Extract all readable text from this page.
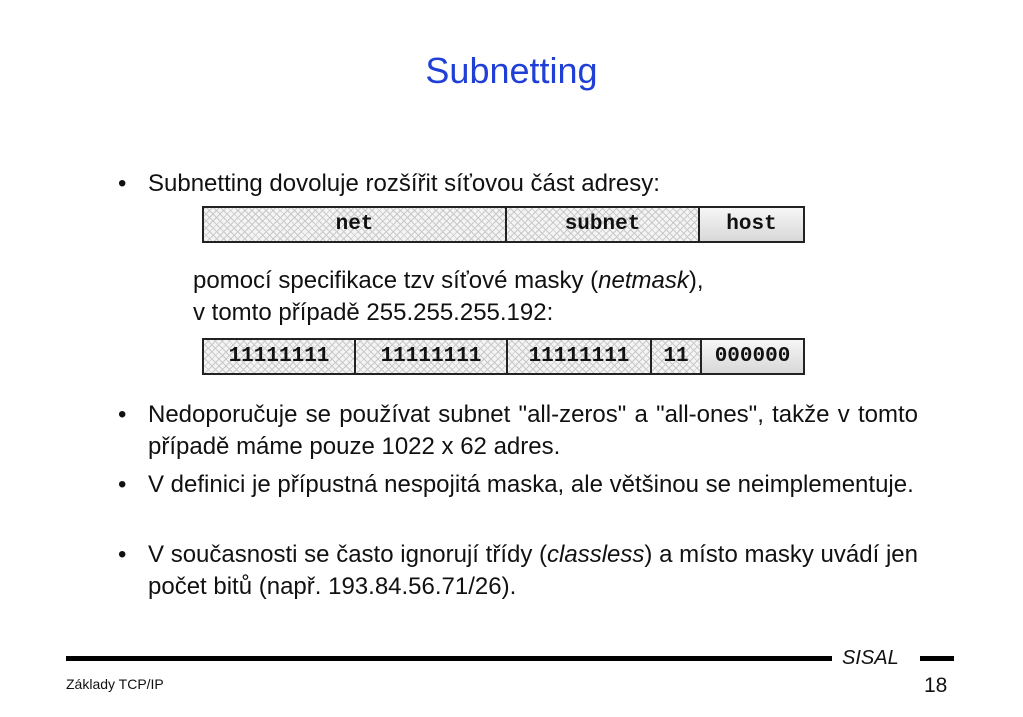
Subnetting
• Subnetting dovoluje rozšířit síťovou část adresy:
net	subnet	host
pomocí specifikace tzv síťové masky (netmask),
v tomto případě 255.255.255.192:
11111111 11111111 11111111 11 000000
• Nedoporučuje se používat subnet "all-zeros" a "all-ones", takže v tomto případě máme pouze 1022 x 62 adres.
• V definici je přípustná nespojitá maska, ale většinou se neimplementuje.
• V současnosti se často ignorují třídy (classless) a místo masky uvádí jen počet bitů (např. 193.84.56.71/26).
SISAL
Základy TCP/IP	18
